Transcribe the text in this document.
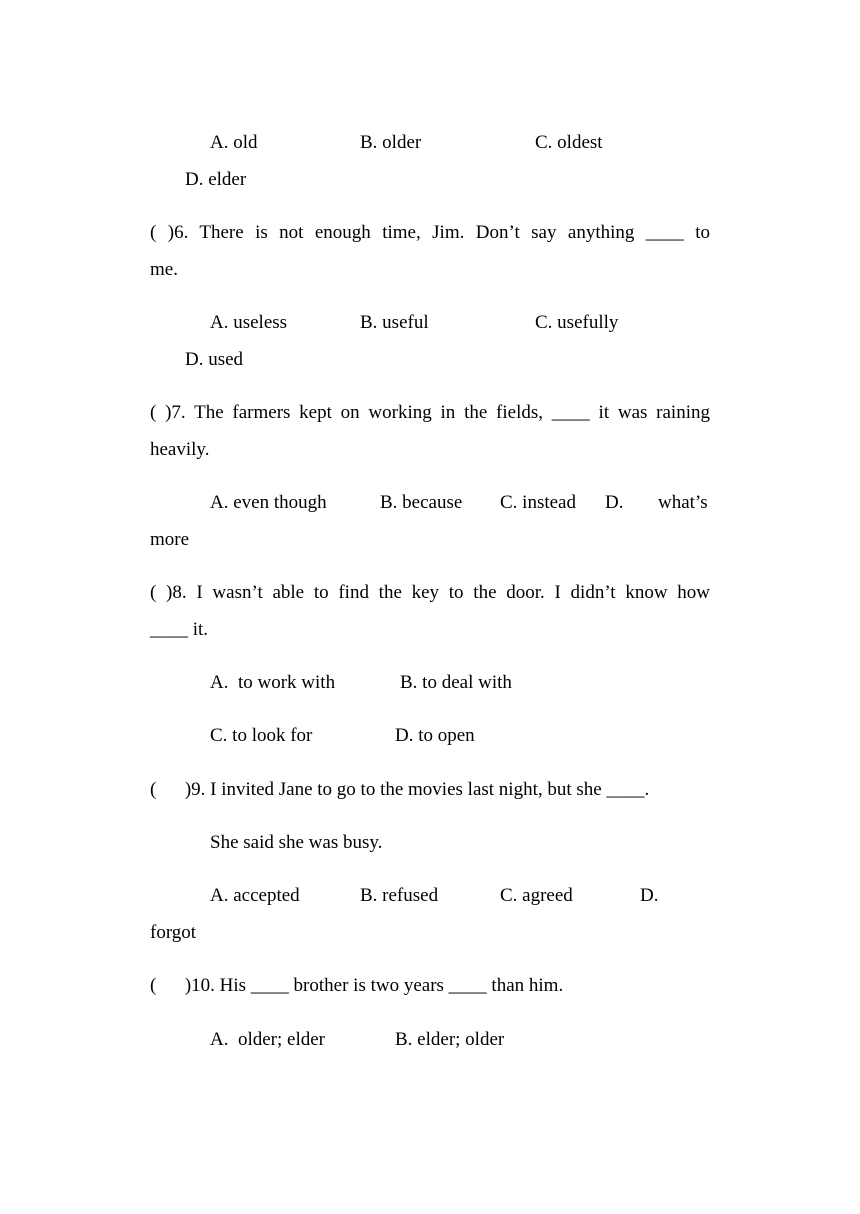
A. old	B. older	C. oldest
D. elder
( )6. There is not enough time, Jim. Don’t say anything ____ to
me.
A. useless	B. useful	C. usefully
D. used
( )7. The farmers kept on working in the fields, ____ it was raining
heavily.
A. even though	B. because C. instead D. what’s
more
( )8. I wasn’t able to find the key to the door. I didn’t know how
____ it.
A.  to work with	B. to deal with
C. to look for	D. to open
(      )9. I invited Jane to go to the movies last night, but she ____.
She said she was busy.
A. accepted	B. refused	C. agreed	D.
forgot
(      )10. His ____ brother is two years ____ than him.
A.  older; elder	B. elder; older
